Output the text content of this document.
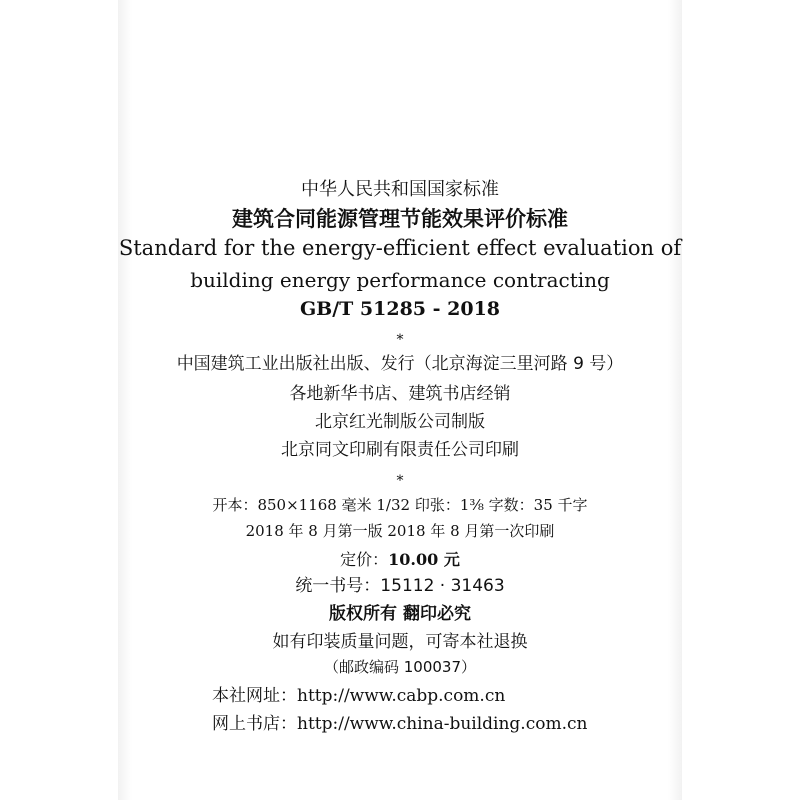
中华人民共和国国家标准
建筑合同能源管理节能效果评价标准
Standard for the energy-efficient effect evaluation of
building energy performance contracting
GB/T 51285 - 2018
*
中国建筑工业出版社出版、发行（北京海淀三里河路 9 号）
各地新华书店、建筑书店经销
北京红光制版公司制版
北京同文印刷有限责任公司印刷
*
开本：850×1168 毫米 1/32 印张：1⅜ 字数：35 千字
2018 年 8 月第一版 2018 年 8 月第一次印刷
定价：10.00 元
统一书号：15112 · 31463
版权所有 翻印必究
如有印装质量问题，可寄本社退换
（邮政编码 100037）
本社网址：http://www.cabp.com.cn
网上书店：http://www.china-building.com.cn
